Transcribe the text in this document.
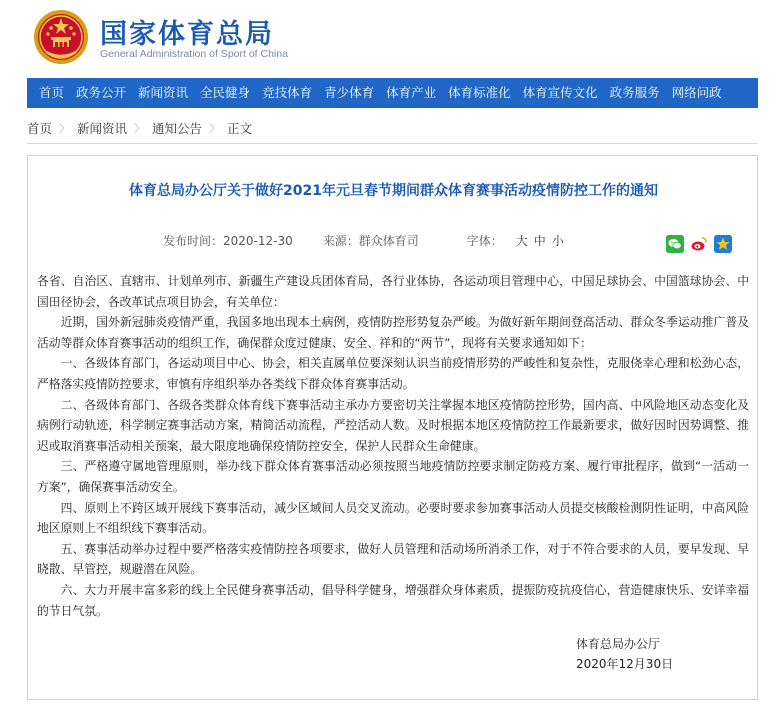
国家体育总局
General Administration of Sport of China
首页 政务公开 新闻资讯 全民健身 竞技体育 青少体育 体育产业 体育标准化 体育宣传文化 政务服务 网络问政
首页 〉 新闻资讯 〉 通知公告 〉 正文
体育总局办公厅关于做好2021年元旦春节期间群众体育赛事活动疫情防控工作的通知
发布时间：2020-12-30	来源：群众体育司	字体： 大 中 小

各省、自治区、直辖市、计划单列市、新疆生产建设兵团体育局，各行业体协，各运动项目管理中心，中国足球协会、中国篮球协会、中国田径协会，各改革试点项目协会，有关单位：

近期，国外新冠肺炎疫情严重，我国多地出现本土病例，疫情防控形势复杂严峻。为做好新年期间登高活动、群众冬季运动推广普及活动等群众体育赛事活动的组织工作，确保群众度过健康、安全、祥和的“两节”，现将有关要求通知如下：

一、各级体育部门，各运动项目中心、协会，相关直属单位要深刻认识当前疫情形势的严峻性和复杂性，克服侥幸心理和松劲心态，严格落实疫情防控要求，审慎有序组织举办各类线下群众体育赛事活动。

二、各级体育部门、各级各类群众体育线下赛事活动主承办方要密切关注掌握本地区疫情防控形势，国内高、中风险地区动态变化及病例行动轨迹，科学制定赛事活动方案，精简活动流程，严控活动人数。及时根据本地区疫情防控工作最新要求，做好因时因势调整、推迟或取消赛事活动相关预案，最大限度地确保疫情防控安全，保护人民群众生命健康。

三、严格遵守属地管理原则，举办线下群众体育赛事活动必须按照当地疫情防控要求制定防疫方案、履行审批程序，做到“一活动一方案”，确保赛事活动安全。

四、原则上不跨区域开展线下赛事活动，减少区域间人员交叉流动。必要时要求参加赛事活动人员提交核酸检测阴性证明，中高风险地区原则上不组织线下赛事活动。

五、赛事活动举办过程中要严格落实疫情防控各项要求，做好人员管理和活动场所消杀工作，对于不符合要求的人员，要早发现、早晓散、早管控，规避潜在风险。

六、大力开展丰富多彩的线上全民健身赛事活动，倡导科学健身，增强群众身体素质，提振防疫抗疫信心，营造健康快乐、安详幸福的节日气氛。

体育总局办公厅
2020年12月30日
